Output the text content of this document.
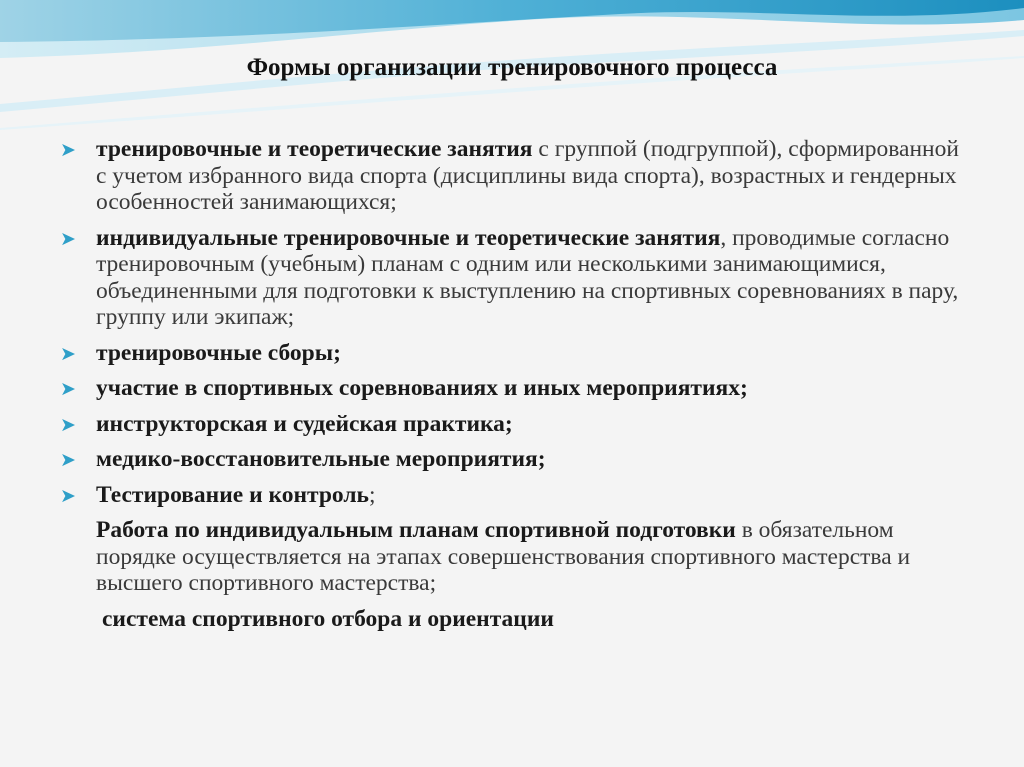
Формы организации тренировочного процесса
➤ тренировочные и теоретические занятия с группой (подгруппой), сформированной с учетом избранного вида спорта (дисциплины вида спорта), возрастных и гендерных особенностей занимающихся;
➤ индивидуальные тренировочные и теоретические занятия, проводимые согласно тренировочным (учебным) планам с одним или несколькими занимающимися, объединенными для подготовки к выступлению на спортивных соревнованиях в пару, группу или экипаж;
➤ тренировочные сборы;
➤ участие в спортивных соревнованиях и иных мероприятиях;
➤ инструкторская и судейская практика;
➤ медико-восстановительные мероприятия;
➤ Тестирование и контроль;
Работа по индивидуальным планам спортивной подготовки в обязательном порядке осуществляется на этапах совершенствования спортивного мастерства и высшего спортивного мастерства;
система спортивного отбора и ориентации
